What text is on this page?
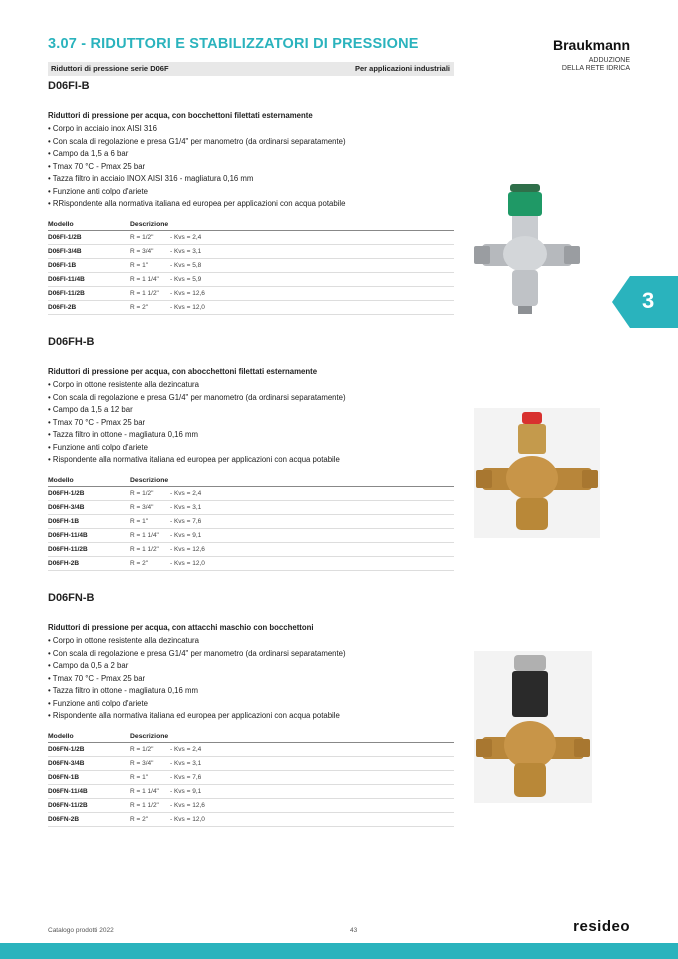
3.07 - RIDUTTORI E STABILIZZATORI DI PRESSIONE	Braukmann
ADDUZIONE
DELLA RETE IDRICA
Riduttori di pressione serie D06F	Per applicazioni industriali
3
D06FI-B
Riduttori di pressione per acqua, con bocchettoni filettati esternamente
• Corpo in acciaio inox AISI 316
• Con scala di regolazione e presa G1/4" per manometro (da ordinarsi separatamente)
• Campo da 1,5 a 6 bar
• Tmax 70 °C - Pmax 25 bar
• Tazza filtro in acciaio INOX AISI 316 - magliatura 0,16 mm
• Funzione anti colpo d'ariete
• RRispondente alla normativa italiana ed europea per applicazioni con acqua potabile
Modello	Descrizione	
D06FI-1/2B	R = 1/2"	- Kvs = 2,4
D06FI-3/4B	R = 3/4"	- Kvs = 3,1
D06FI-1B	R = 1"	- Kvs = 5,8
D06FI-11/4B	R = 1 1/4"	- Kvs = 5,9
D06FI-11/2B	R = 1 1/2"	- Kvs = 12,6
D06FI-2B	R = 2"	- Kvs = 12,0
D06FH-B
Riduttori di pressione per acqua, con abocchettoni filettati esternamente
• Corpo in ottone resistente alla dezincatura
• Con scala di regolazione e presa G1/4" per manometro (da ordinarsi separatamente)
• Campo da 1,5 a 12 bar
• Tmax 70 °C - Pmax 25 bar
• Tazza filtro in ottone - magliatura 0,16 mm
• Funzione anti colpo d'ariete
• Rispondente alla normativa italiana ed europea per applicazioni con acqua potabile
Modello	Descrizione	
D06FH-1/2B	R = 1/2"	- Kvs = 2,4
D06FH-3/4B	R = 3/4"	- Kvs = 3,1
D06FH-1B	R = 1"	- Kvs = 7,6
D06FH-11/4B	R = 1 1/4"	- Kvs = 9,1
D06FH-11/2B	R = 1 1/2"	- Kvs = 12,6
D06FH-2B	R = 2"	- Kvs = 12,0
D06FN-B
Riduttori di pressione per acqua, con attacchi maschio con bocchettoni
• Corpo in ottone resistente alla dezincatura
• Con scala di regolazione e presa G1/4" per manometro (da ordinarsi separatamente)
• Campo da 0,5 a 2 bar
• Tmax 70 °C - Pmax 25 bar
• Tazza filtro in ottone - magliatura 0,16 mm
• Funzione anti colpo d'ariete
• Rispondente alla normativa italiana ed europea per applicazioni con acqua potabile
Modello	Descrizione	
D06FN-1/2B	R = 1/2"	- Kvs = 2,4
D06FN-3/4B	R = 3/4"	- Kvs = 3,1
D06FN-1B	R = 1"	- Kvs = 7,6
D06FN-11/4B	R = 1 1/4"	- Kvs = 9,1
D06FN-11/2B	R = 1 1/2"	- Kvs = 12,6
D06FN-2B	R = 2"	- Kvs = 12,0
Catalogo prodotti 2022	43	resideo
